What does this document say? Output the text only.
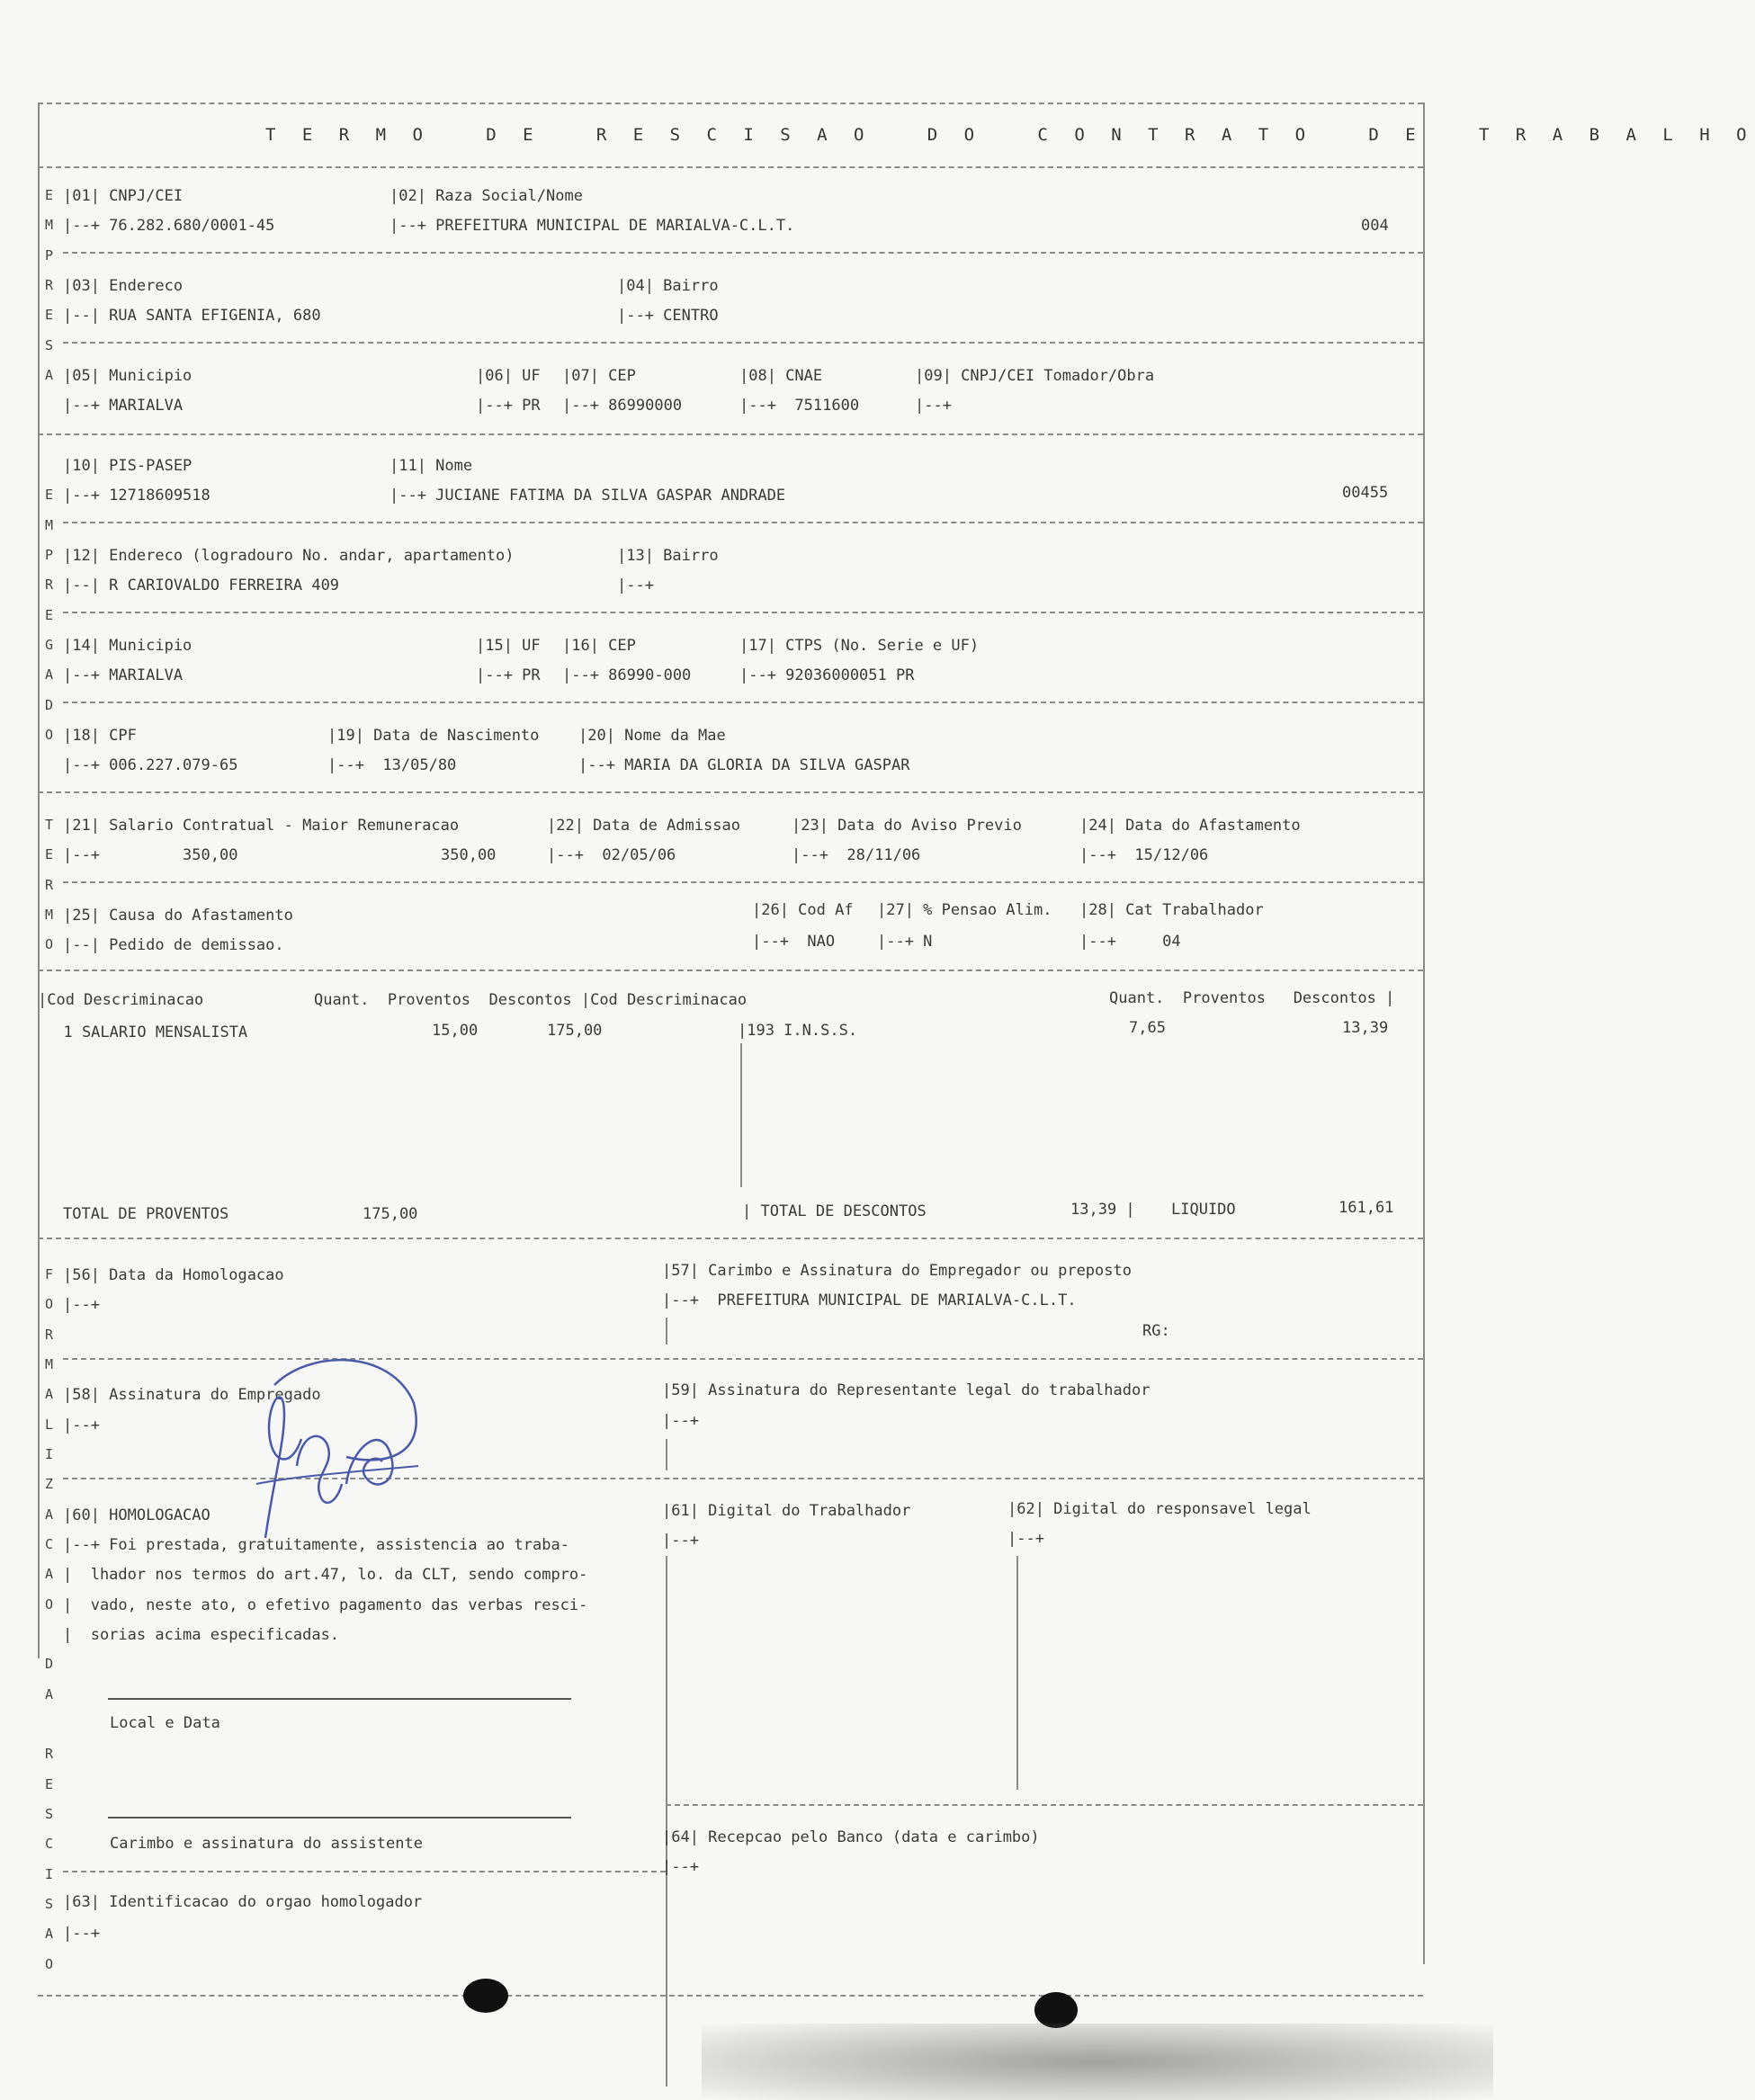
T E R M O   D E   R E S C I S A O   D O   C O N T R A T O   D E   T R A B A L H O
E
M
P
R
E
S
A
|01| CNPJ/CEI
|--+ 76.282.680/0001-45
|02| Raza Social/Nome
|--+ PREFEITURA MUNICIPAL DE MARIALVA-C.L.T.	004
|03| Endereco
|--| RUA SANTA EFIGENIA, 680
|04| Bairro
|--+ CENTRO
|05| Municipio
|--+ MARIALVA
|06| UF
|--+ PR
|07| CEP
|--+ 86990000
|08| CNAE
|--+  7511600
|09| CNPJ/CEI Tomador/Obra
|--+
E
M
P
R
E
G
A
D
O
|10| PIS-PASEP
|--+ 12718609518
|11| Nome
|--+ JUCIANE FATIMA DA SILVA GASPAR ANDRADE	00455
|12| Endereco (logradouro No. andar, apartamento)
|--| R CARIOVALDO FERREIRA 409
|13| Bairro
|--+
|14| Municipio
|--+ MARIALVA
|15| UF
|--+ PR
|16| CEP
|--+ 86990-000
|17| CTPS (No. Serie e UF)
|--+ 92036000051 PR
|18| CPF
|--+ 006.227.079-65
|19| Data de Nascimento
|--+  13/05/80
|20| Nome da Mae
|--+ MARIA DA GLORIA DA SILVA GASPAR
T
E
R
M
O
|21| Salario Contratual - Maior Remuneracao
|--+         350,00	350,00
|22| Data de Admissao
|--+  02/05/06
|23| Data do Aviso Previo
|--+  28/11/06
|24| Data do Afastamento
|--+  15/12/06
|25| Causa do Afastamento
|--| Pedido de demissao.
|26| Cod Af
|--+  NAO
|27| % Pensao Alim.
|--+ N
|28| Cat Trabalhador
|--+     04
|Cod Descriminacao            Quant.  Proventos  Descontos |Cod Descriminacao	Quant.  Proventos   Descontos |
1 SALARIO MENSALISTA	15,00	175,00	|193 I.N.S.S.	7,65	13,39
TOTAL DE PROVENTOS	175,00	| TOTAL DE DESCONTOS	13,39 | LIQUIDO	161,61
F
O
R
M
A
L
I
Z
A
C
A
O
|56| Data da Homologacao
|--+
|57| Carimbo e Assinatura do Empregador ou preposto
|--+  PREFEITURA MUNICIPAL DE MARIALVA-C.L.T.
RG:
|58| Assinatura do Empregado
|--+
|59| Assinatura do Representante legal do trabalhador
|--+
|60| HOMOLOGACAO
|--+ Foi prestada, gratuitamente, assistencia ao traba-
|  lhador nos termos do art.47, lo. da CLT, sendo compro-
|  vado, neste ato, o efetivo pagamento das verbas resci-
|  sorias acima especificadas.
|61| Digital do Trabalhador
|--+
|62| Digital do responsavel legal
|--+
D
A
R
E
S
C
I
S
A
O
Local e Data
Carimbo e assinatura do assistente	|64| Recepcao pelo Banco (data e carimbo)
|--+
|63| Identificacao do orgao homologador
|--+
